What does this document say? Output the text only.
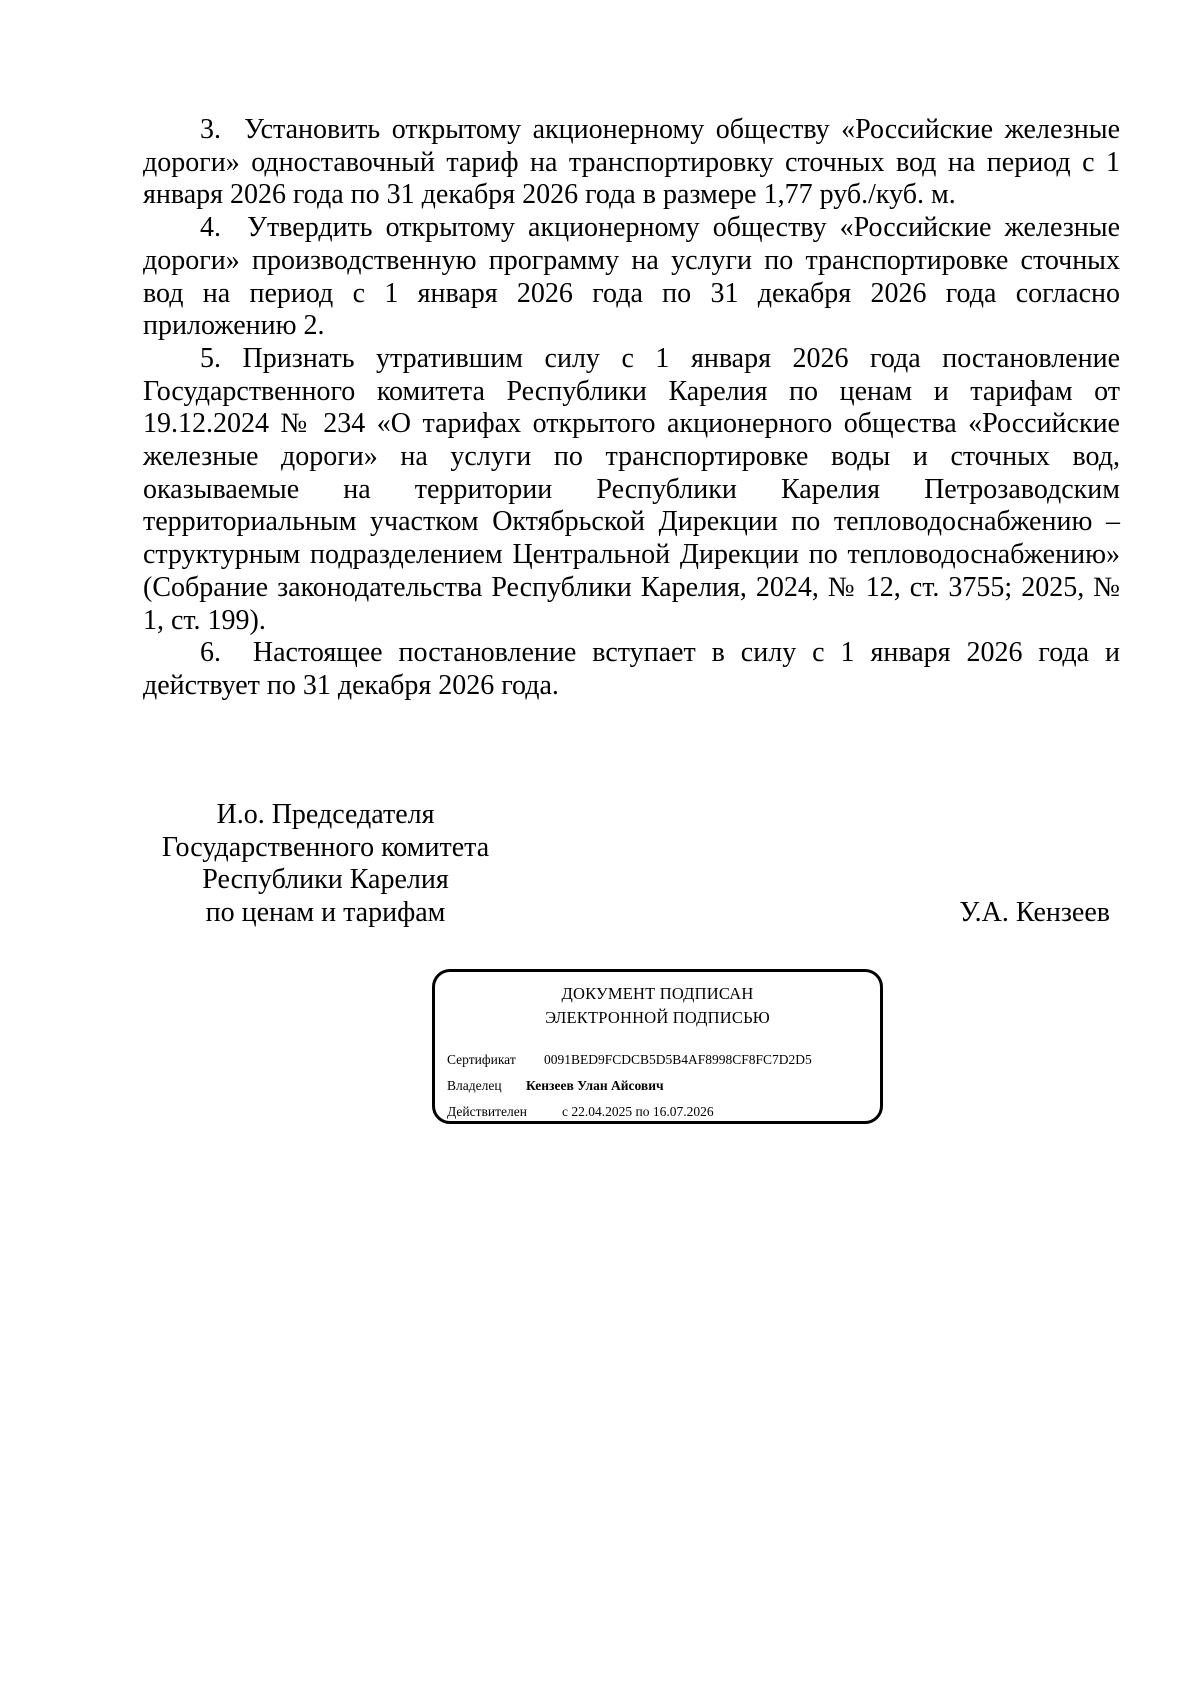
3.  Установить открытому акционерному обществу «Российские железные дороги» одноставочный тариф на транспортировку сточных вод на период с 1 января 2026 года по 31 декабря 2026 года в размере 1,77 руб./куб. м.

4.  Утвердить открытому акционерному обществу «Российские железные дороги» производственную программу на услуги по транспортировке сточных вод на период с 1 января 2026 года по 31 декабря 2026 года согласно приложению 2.

5. Признать утратившим силу с 1 января 2026 года постановление Государственного комитета Республики Карелия по ценам и тарифам от 19.12.2024 № 234 «О тарифах открытого акционерного общества «Российские железные дороги» на услуги по транспортировке воды и сточных вод, оказываемые на территории Республики Карелия Петрозаводским территориальным участком Октябрьской Дирекции по тепловодоснабжению – структурным подразделением Центральной Дирекции по тепловодоснабжению» (Собрание законодательства Республики Карелия, 2024, № 12, ст. 3755; 2025, № 1, ст. 199).

6.  Настоящее постановление вступает в силу с 1 января 2026 года и действует по 31 декабря 2026 года.

И.о. Председателя
Государственного комитета
Республики Карелия
по ценам и тарифам	У.А. Кензеев
ДОКУМЕНТ ПОДПИСАН
ЭЛЕКТРОННОЙ ПОДПИСЬЮ
Сертификат 0091BED9FCDCB5D5B4AF8998CF8FC7D2D5
Владелец Кензеев Улан Айсович
Действителен	с 22.04.2025 по 16.07.2026
